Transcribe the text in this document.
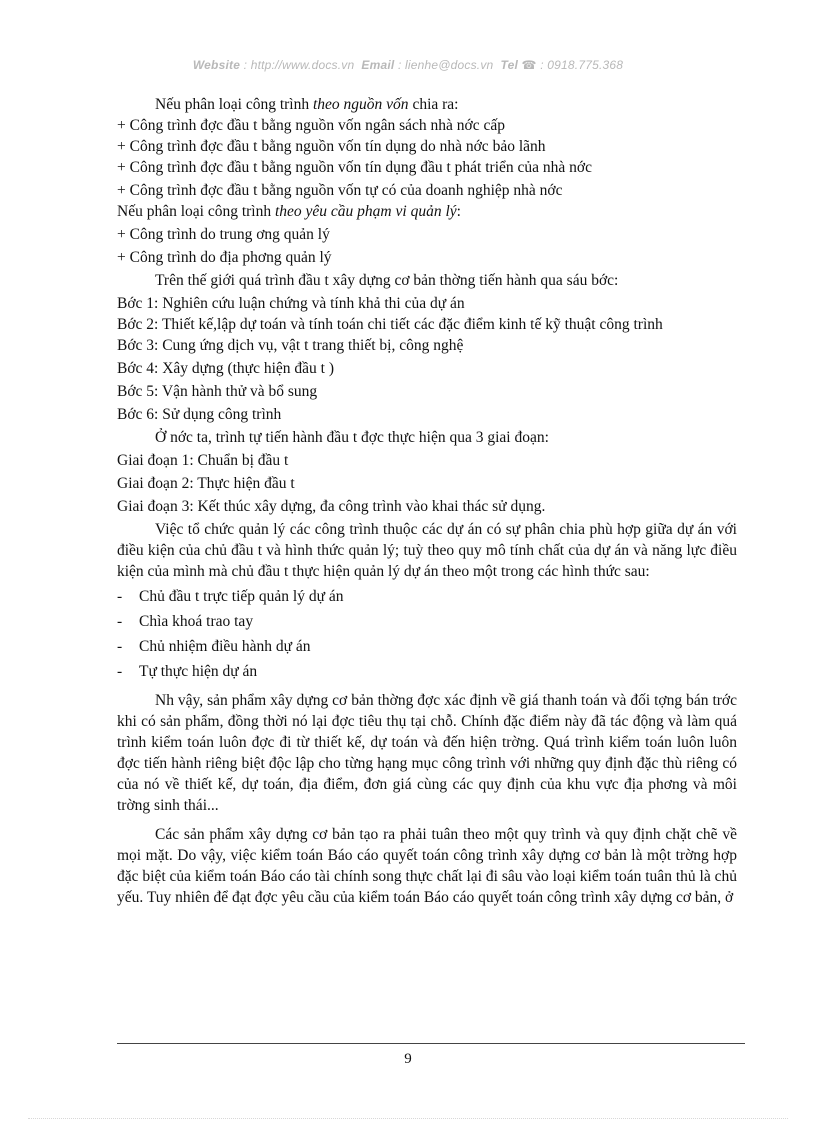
Website : http://www.docs.vn Email : lienhe@docs.vn Tel ☎ : 0918.775.368

Nếu phân loại công trình theo nguồn vốn chia ra:

+ Công trình đợc đầu t bằng nguồn vốn ngân sách nhà nớc cấp

+ Công trình đợc đầu t bằng nguồn vốn tín dụng do nhà nớc bảo lãnh

+ Công trình đợc đầu t bằng nguồn vốn tín dụng đầu t phát triển của nhà nớc

+ Công trình đợc đầu t bằng nguồn vốn tự có của doanh nghiệp nhà nớc

Nếu phân loại công trình theo yêu cầu phạm vi quản lý:

+ Công trình do trung ơng quản lý

+ Công trình do địa phơng quản lý

Trên thế giới quá trình đầu t xây dựng cơ bản thờng tiến hành qua sáu bớc:

Bớc 1: Nghiên cứu luận chứng và tính khả thi của dự án

Bớc 2: Thiết kế,lập dự toán và tính toán chi tiết các đặc điểm kinh tế kỹ thuật công trình

Bớc 3: Cung ứng dịch vụ, vật t trang thiết bị, công nghệ

Bớc 4: Xây dựng (thực hiện đầu t )

Bớc 5: Vận hành thử và bổ sung

Bớc 6: Sử dụng công trình

Ở nớc ta, trình tự tiến hành đầu t đợc thực hiện qua 3 giai đoạn:

Giai đoạn 1: Chuẩn bị đầu t

Giai đoạn 2: Thực hiện đầu t

Giai đoạn 3: Kết thúc xây dựng, đa công trình vào khai thác sử dụng.

Việc tổ chức quản lý các công trình thuộc các dự án có sự phân chia phù hợp giữa dự án với điều kiện của chủ đầu t và hình thức quản lý; tuỳ theo quy mô tính chất của dự án và năng lực điều kiện của mình mà chủ đầu t thực hiện quản lý dự án theo một trong các hình thức sau:

- Chủ đầu t trực tiếp quản lý dự án

- Chìa khoá trao tay

- Chủ nhiệm điều hành dự án

- Tự thực hiện dự án

Nh vậy, sản phẩm xây dựng cơ bản thờng đợc xác định về giá thanh toán và đối tợng bán trớc khi có sản phẩm, đồng thời nó lại đợc tiêu thụ tại chỗ. Chính đặc điểm này đã tác động và làm quá trình kiểm toán luôn đợc đi từ thiết kế, dự toán và đến hiện trờng. Quá trình kiểm toán luôn luôn đợc tiến hành riêng biệt độc lập cho từng hạng mục công trình với những quy định đặc thù riêng có của nó về thiết kế, dự toán, địa điểm, đơn giá cùng các quy định của khu vực địa phơng và môi trờng sinh thái...

Các sản phẩm xây dựng cơ bản tạo ra phải tuân theo một quy trình và quy định chặt chẽ về mọi mặt. Do vậy, việc kiểm toán Báo cáo quyết toán công trình xây dựng cơ bản là một trờng hợp đặc biệt của kiểm toán Báo cáo tài chính song thực chất lại đi sâu vào loại kiểm toán tuân thủ là chủ yếu. Tuy nhiên để đạt đợc yêu cầu của kiểm toán Báo cáo quyết toán công trình xây dựng cơ bản, ở

9
